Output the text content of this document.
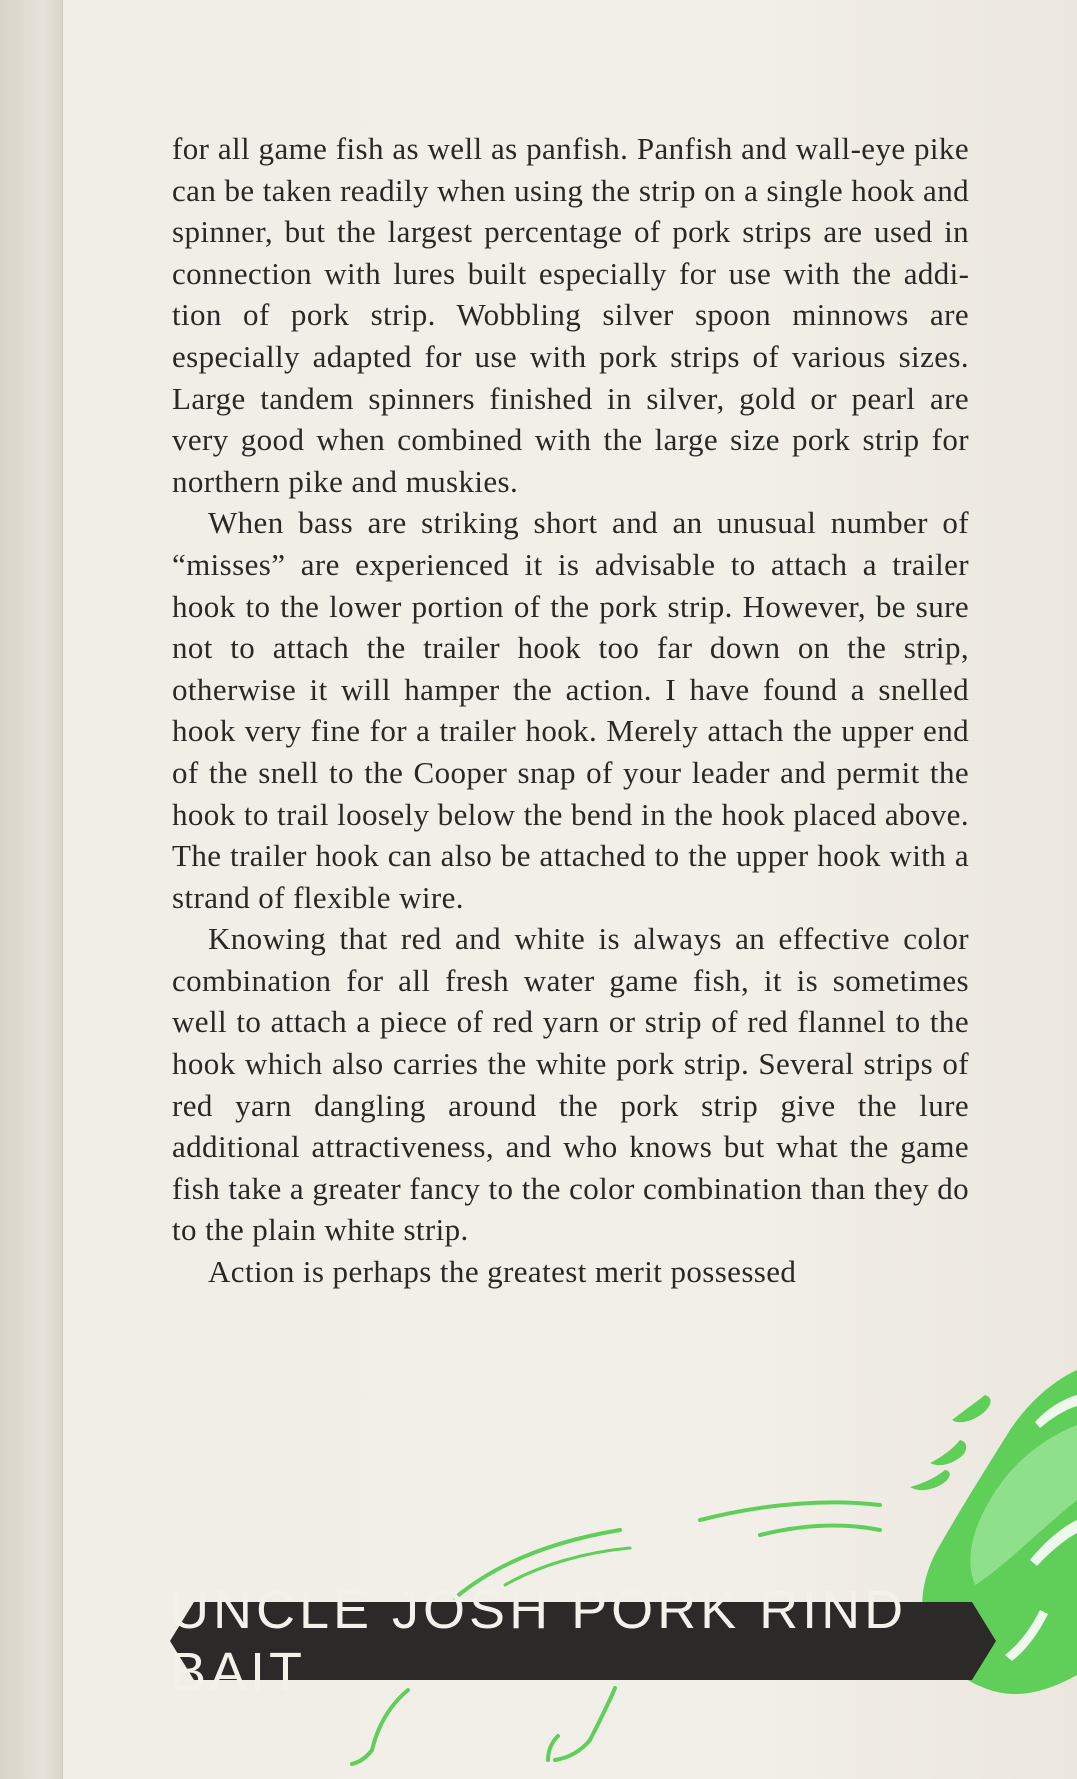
for all game fish as well as panfish. Panfish and wall-eye pike can be taken readily when using the strip on a single hook and spinner, but the largest percentage of pork strips are used in connection with lures built especially for use with the addition of pork strip. Wobbling silver spoon minnows are especially adapted for use with pork strips of various sizes. Large tandem spinners finished in silver, gold or pearl are very good when combined with the large size pork strip for northern pike and muskies.

When bass are striking short and an unusual number of “misses” are experienced it is advisable to attach a trailer hook to the lower portion of the pork strip. However, be sure not to attach the trailer hook too far down on the strip, otherwise it will hamper the action. I have found a snelled hook very fine for a trailer hook. Merely attach the upper end of the snell to the Cooper snap of your leader and permit the hook to trail loosely below the bend in the hook placed above. The trailer hook can also be attached to the upper hook with a strand of flexible wire.

Knowing that red and white is always an effective color combination for all fresh water game fish, it is sometimes well to attach a piece of red yarn or strip of red flannel to the hook which also carries the white pork strip. Several strips of red yarn dangling around the pork strip give the lure additional attractiveness, and who knows but what the game fish take a greater fancy to the color combination than they do to the plain white strip.

Action is perhaps the greatest merit possessed

UNCLE JOSH PORK RIND BAIT
